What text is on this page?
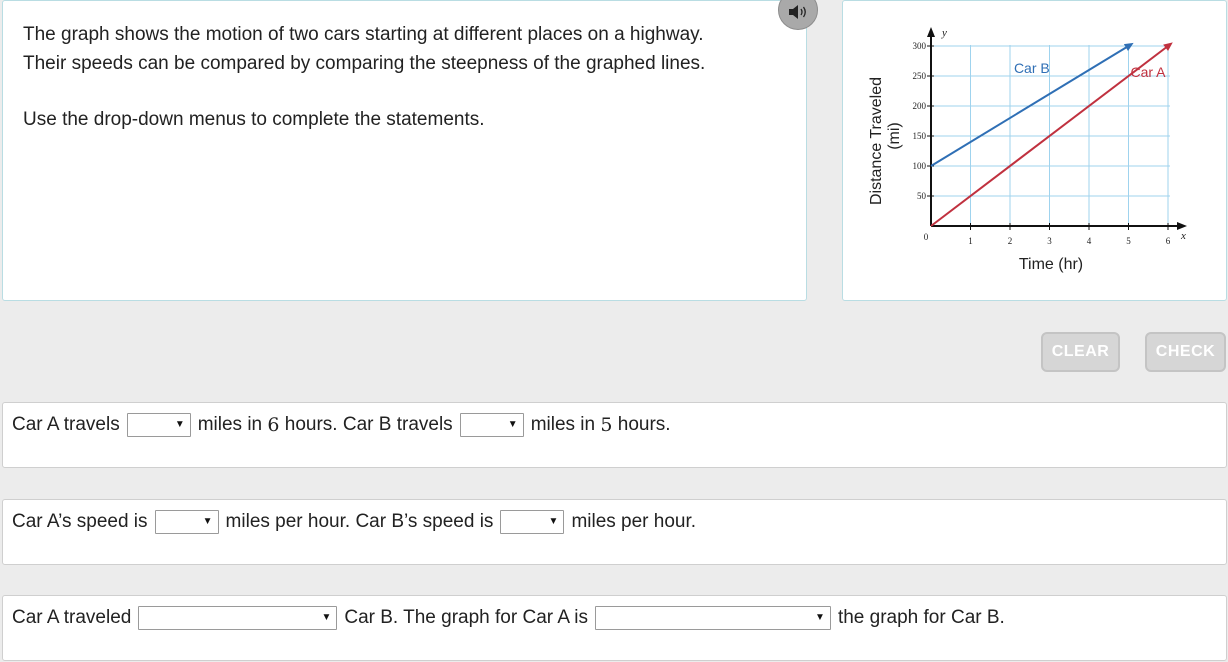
The graph shows the motion of two cars starting at different places on a highway.
Their speeds can be compared by comparing the steepness of the graphed lines.
Use the drop-down menus to complete the statements.
0	1	2	3	4	5	6
50
100
150
200
250
300
Car A
Car B
Distance Traveled (mi)
Time (hr)
y
x
CLEAR	CHECK
Car A travels	▼ miles in
6
hours. Car B travels	▼ miles in
5
hours.
Car A’s speed is	▼ miles per hour. Car B’s speed is	▼ miles per hour.
Car A traveled	▼ Car B. The graph for Car A is	▼ the graph for Car B.
